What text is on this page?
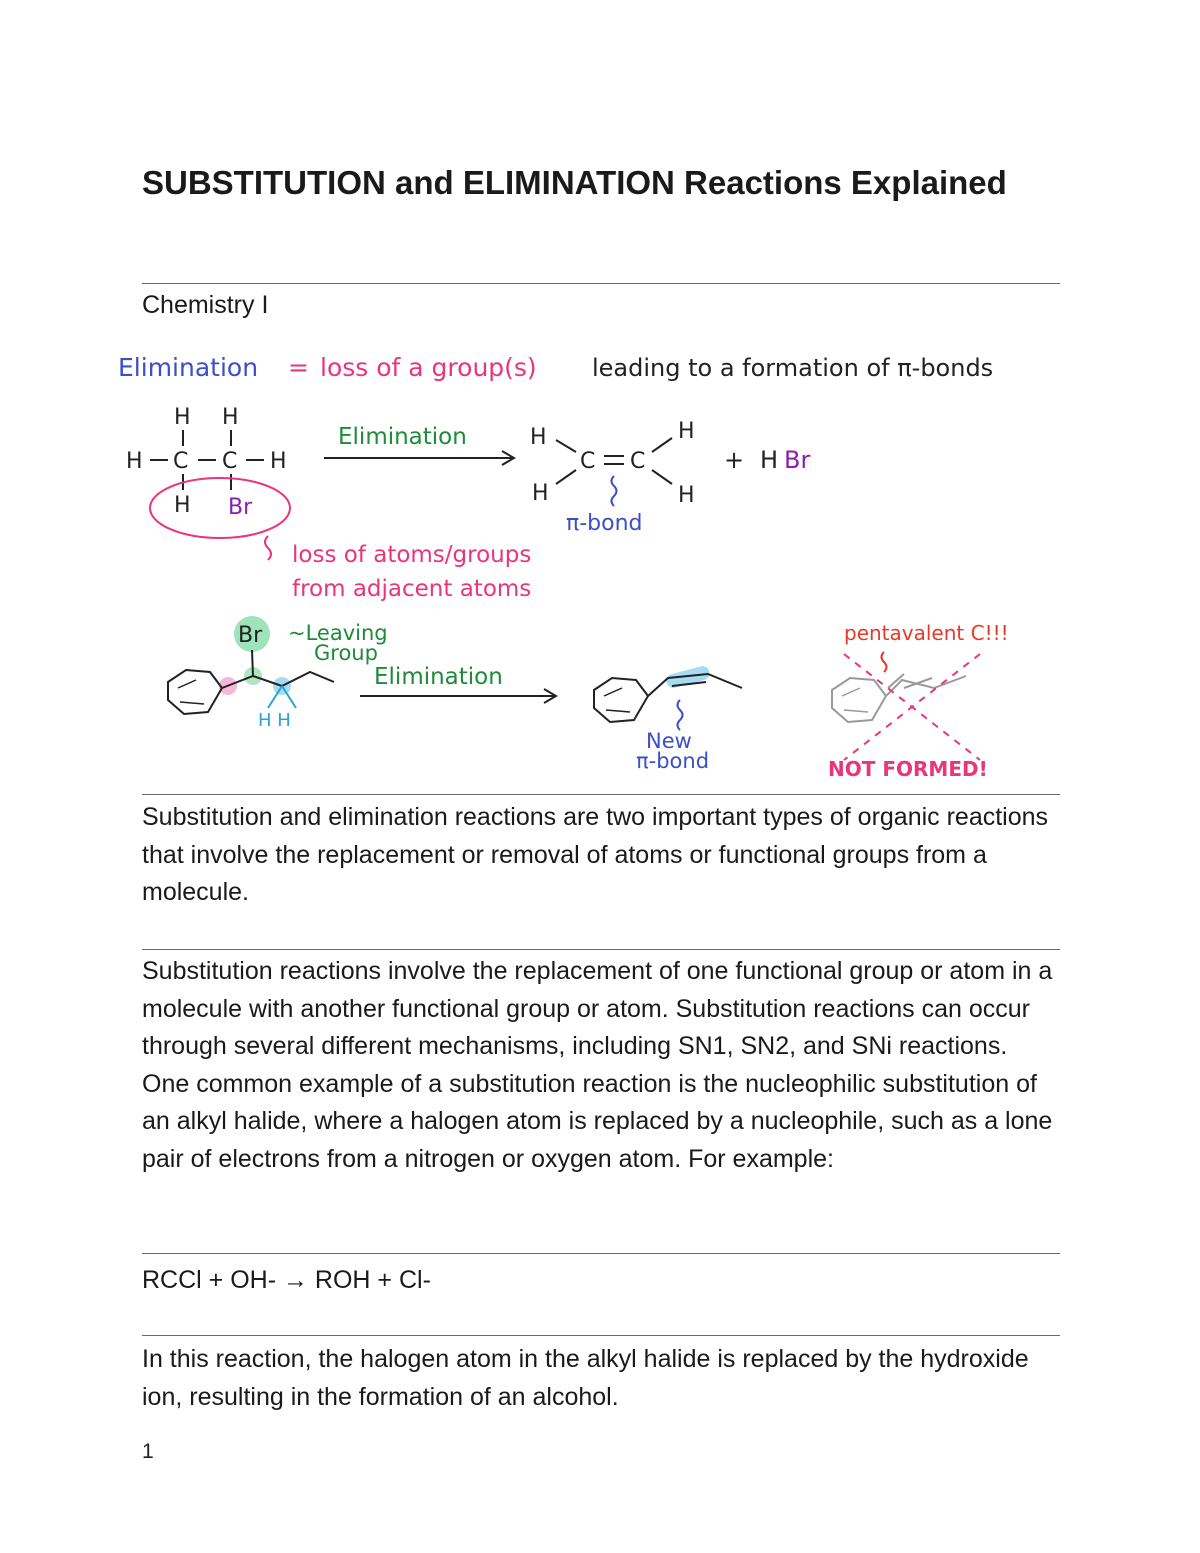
SUBSTITUTION and ELIMINATION Reactions Explained
Chemistry I
Elimination = loss of a group(s) leading to a formation of π-bonds
H H
H C C H
H Br
loss of atoms/groups
from adjacent atoms
Elimination	H
H
C C
H
H
π-bond
+ H Br
Br
H H
~Leaving
Group
Elimination
New
π-bond
pentavalent C!!!
NOT FORMED!

Substitution and elimination reactions are two important types of organic reactions that involve the replacement or removal of atoms or functional groups from a molecule.

Substitution reactions involve the replacement of one functional group or atom in a molecule with another functional group or atom. Substitution reactions can occur through several different mechanisms, including SN1, SN2, and SNi reactions. One common example of a substitution reaction is the nucleophilic substitution of an alkyl halide, where a halogen atom is replaced by a nucleophile, such as a lone pair of electrons from a nitrogen or oxygen atom. For example:

RCCl + OH- → ROH + Cl-

In this reaction, the halogen atom in the alkyl halide is replaced by the hydroxide ion, resulting in the formation of an alcohol.

1
